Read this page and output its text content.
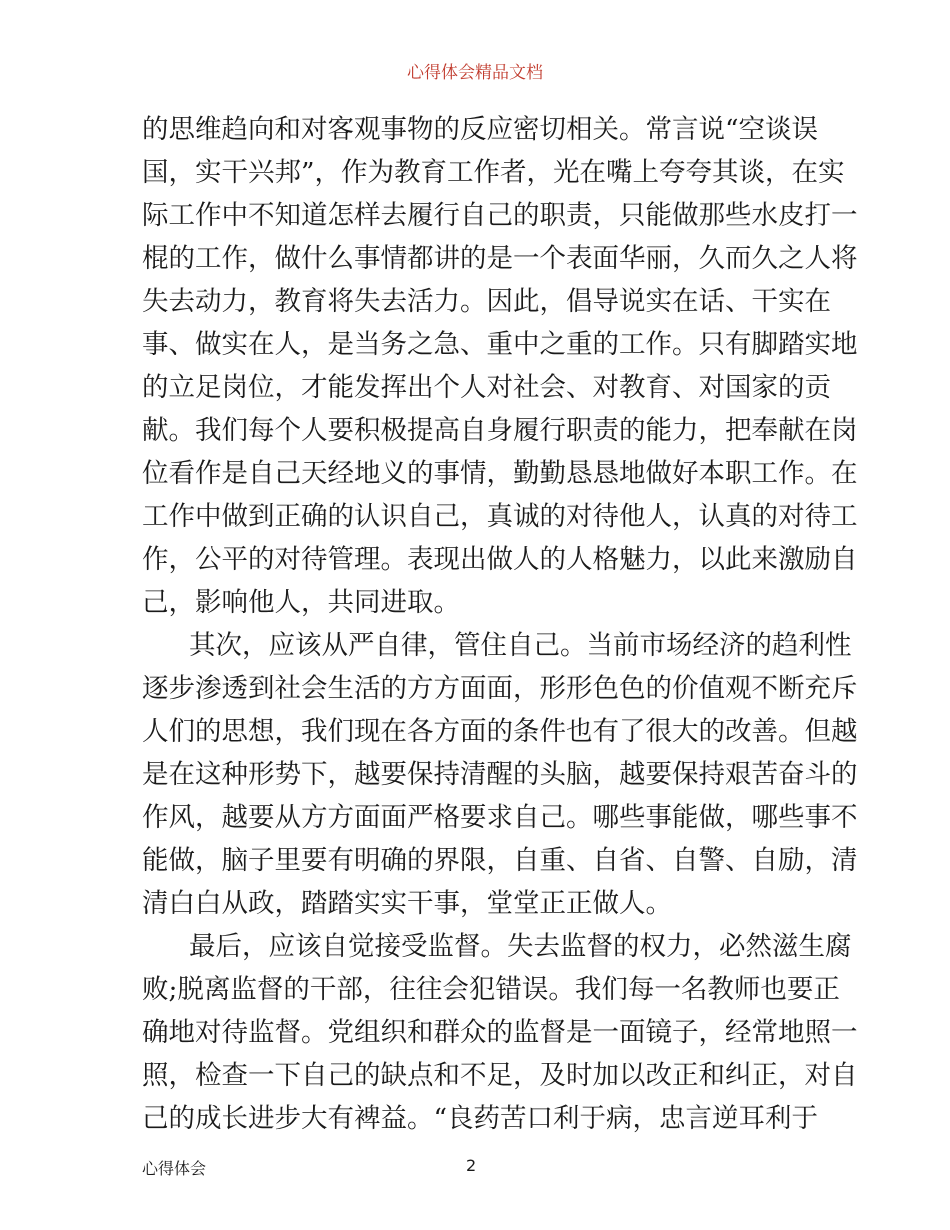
心得体会精品文档
的思维趋向和对客观事物的反应密切相关。常言说“空谈误
国，实干兴邦”，作为教育工作者，光在嘴上夸夸其谈，在实
际工作中不知道怎样去履行自己的职责，只能做那些水皮打一
棍的工作，做什么事情都讲的是一个表面华丽，久而久之人将
失去动力，教育将失去活力。因此，倡导说实在话、干实在
事、做实在人，是当务之急、重中之重的工作。只有脚踏实地
的立足岗位，才能发挥出个人对社会、对教育、对国家的贡
献。我们每个人要积极提高自身履行职责的能力，把奉献在岗
位看作是自己天经地义的事情，勤勤恳恳地做好本职工作。在
工作中做到正确的认识自己，真诚的对待他人，认真的对待工
作，公平的对待管理。表现出做人的人格魅力，以此来激励自
己，影响他人，共同进取。
其次，应该从严自律，管住自己。当前市场经济的趋利性
逐步渗透到社会生活的方方面面，形形色色的价值观不断充斥
人们的思想，我们现在各方面的条件也有了很大的改善。但越
是在这种形势下，越要保持清醒的头脑，越要保持艰苦奋斗的
作风，越要从方方面面严格要求自己。哪些事能做，哪些事不
能做，脑子里要有明确的界限，自重、自省、自警、自励，清
清白白从政，踏踏实实干事，堂堂正正做人。
最后，应该自觉接受监督。失去监督的权力，必然滋生腐
败;脱离监督的干部，往往会犯错误。我们每一名教师也要正
确地对待监督。党组织和群众的监督是一面镜子，经常地照一
照，检查一下自己的缺点和不足，及时加以改正和纠正，对自
己的成长进步大有裨益。“良药苦口利于病，忠言逆耳利于
心得体会	2
